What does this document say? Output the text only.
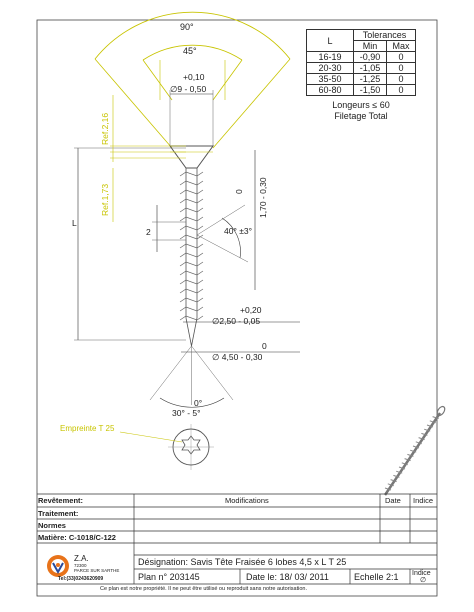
L	Tolerances	
	Min	Max
16-19	-0,90	0
20-30	-1,05	0
35-50	-1,25	0
60-80	-1,50	0
Longeurs ≤ 60
Filetage Total
90°
45°
+0,10
∅9 - 0,50
Ref.2,16
Ref.1,73
L
2	40° ±3°
0 1,70 - 0,30
+0,20
∅2,50 - 0,05
0
∅ 4,50 - 0,30
0°
30° - 5°
Empreinte T 25
Revêtement:
Traitement:
Normes
Matière: C-1018/C-122
Modifications	Date Indice
Z.A.
72300
PARCE SUR SARTHE
Tel:(33)0243620909
Désignation: Savis Tête Fraisée 6 lobes 4,5 x L T 25
Plan n° 203145	Date le: 18/ 03/ 2011	Echelle 2:1 Indice
∅
Ce plan est notre propriété. Il ne peut être utilisé ou reproduit sans notre autorisation.
